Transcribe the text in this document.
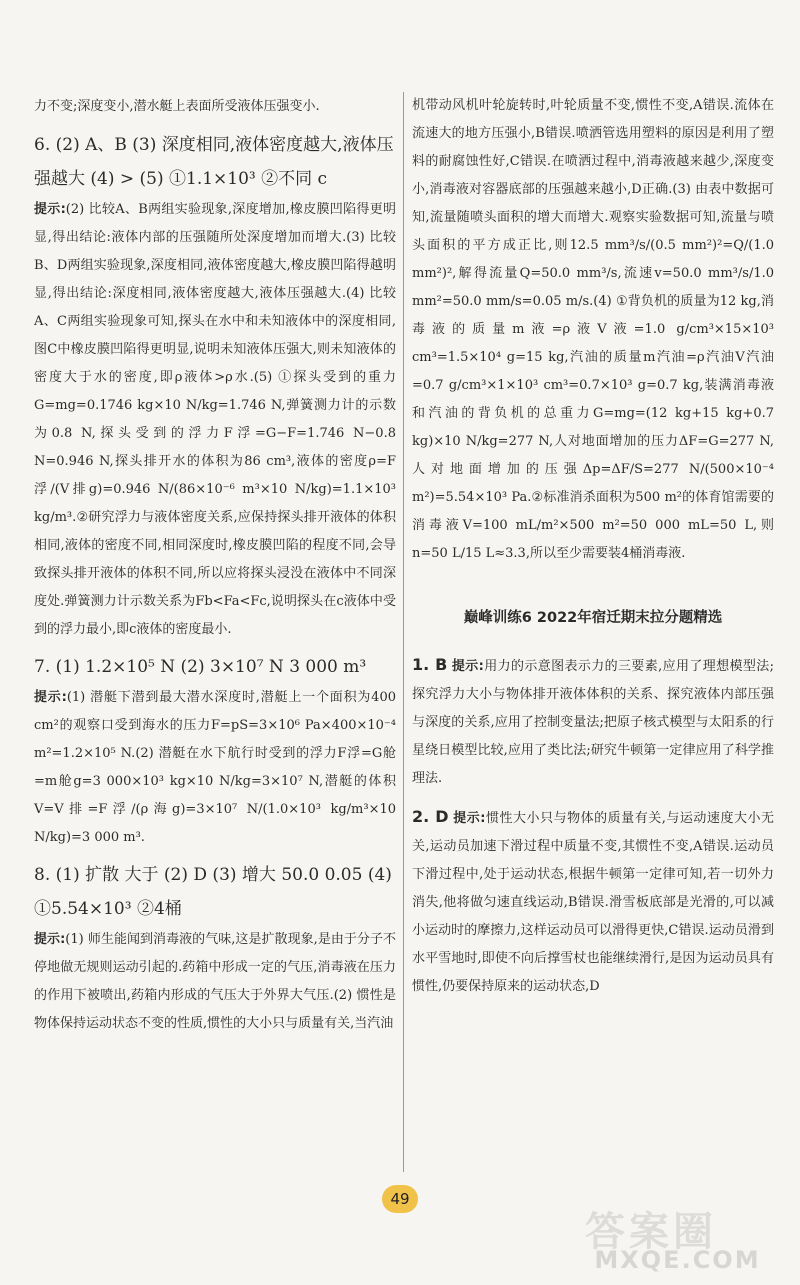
力不变;深度变小,潜水艇上表面所受液体压强变小.

6. (2) A、B (3) 深度相同,液体密度越大,液体压强越大 (4) > (5) ①1.1×10³ ②不同 c

提示:(2) 比较A、B两组实验现象,深度增加,橡皮膜凹陷得更明显,得出结论:液体内部的压强随所处深度增加而增大.(3) 比较B、D两组实验现象,深度相同,液体密度越大,橡皮膜凹陷得越明显,得出结论:深度相同,液体密度越大,液体压强越大.(4) 比较A、C两组实验现象可知,探头在水中和未知液体中的深度相同,图C中橡皮膜凹陷得更明显,说明未知液体压强大,则未知液体的密度大于水的密度,即ρ液体>ρ水.(5) ①探头受到的重力G=mg=0.1746 kg×10 N/kg=1.746 N,弹簧测力计的示数为0.8 N,探头受到的浮力F浮=G−F=1.746 N−0.8 N=0.946 N,探头排开水的体积为86 cm³,液体的密度ρ=F浮/(V排g)=0.946 N/(86×10⁻⁶ m³×10 N/kg)=1.1×10³ kg/m³.②研究浮力与液体密度关系,应保持探头排开液体的体积相同,液体的密度不同,相同深度时,橡皮膜凹陷的程度不同,会导致探头排开液体的体积不同,所以应将探头浸没在液体中不同深度处.弹簧测力计示数关系为Fb<Fa<Fc,说明探头在c液体中受到的浮力最小,即c液体的密度最小.

7. (1) 1.2×10⁵ N (2) 3×10⁷ N 3 000 m³

提示:(1) 潜艇下潜到最大潜水深度时,潜艇上一个面积为400 cm²的观察口受到海水的压力F=pS=3×10⁶ Pa×400×10⁻⁴ m²=1.2×10⁵ N.(2) 潜艇在水下航行时受到的浮力F浮=G舱=m舱g=3 000×10³ kg×10 N/kg=3×10⁷ N,潜艇的体积V=V排=F浮/(ρ海g)=3×10⁷ N/(1.0×10³ kg/m³×10 N/kg)=3 000 m³.

8. (1) 扩散 大于 (2) D (3) 增大 50.0 0.05 (4) ①5.54×10³ ②4桶

提示:(1) 师生能闻到消毒液的气味,这是扩散现象,是由于分子不停地做无规则运动引起的.药箱中形成一定的气压,消毒液在压力的作用下被喷出,药箱内形成的气压大于外界大气压.(2) 惯性是物体保持运动状态不变的性质,惯性的大小只与质量有关,当汽油

机带动风机叶轮旋转时,叶轮质量不变,惯性不变,A错误.流体在流速大的地方压强小,B错误.喷洒管选用塑料的原因是利用了塑料的耐腐蚀性好,C错误.在喷洒过程中,消毒液越来越少,深度变小,消毒液对容器底部的压强越来越小,D正确.(3) 由表中数据可知,流量随喷头面积的增大而增大.观察实验数据可知,流量与喷头面积的平方成正比,则12.5 mm³/s/(0.5 mm²)²=Q/(1.0 mm²)²,解得流量Q=50.0 mm³/s,流速v=50.0 mm³/s/1.0 mm²=50.0 mm/s=0.05 m/s.(4) ①背负机的质量为12 kg,消毒液的质量m液=ρ液V液=1.0 g/cm³×15×10³ cm³=1.5×10⁴ g=15 kg,汽油的质量m汽油=ρ汽油V汽油=0.7 g/cm³×1×10³ cm³=0.7×10³ g=0.7 kg,装满消毒液和汽油的背负机的总重力G=mg=(12 kg+15 kg+0.7 kg)×10 N/kg=277 N,人对地面增加的压力ΔF=G=277 N,人对地面增加的压强Δp=ΔF/S=277 N/(500×10⁻⁴ m²)=5.54×10³ Pa.②标准消杀面积为500 m²的体育馆需要的消毒液V=100 mL/m²×500 m²=50 000 mL=50 L,则n=50 L/15 L≈3.3,所以至少需要装4桶消毒液.

巅峰训练6 2022年宿迁期末拉分题精选

1. B 提示:用力的示意图表示力的三要素,应用了理想模型法;探究浮力大小与物体排开液体体积的关系、探究液体内部压强与深度的关系,应用了控制变量法;把原子核式模型与太阳系的行星绕日模型比较,应用了类比法;研究牛顿第一定律应用了科学推理法.

2. D 提示:惯性大小只与物体的质量有关,与运动速度大小无关,运动员加速下滑过程中质量不变,其惯性不变,A错误.运动员下滑过程中,处于运动状态,根据牛顿第一定律可知,若一切外力消失,他将做匀速直线运动,B错误.滑雪板底部是光滑的,可以减小运动时的摩擦力,这样运动员可以滑得更快,C错误.运动员滑到水平雪地时,即使不向后撑雪杖也能继续滑行,是因为运动员具有惯性,仍要保持原来的运动状态,D

49
答案圈
MXQE.COM
